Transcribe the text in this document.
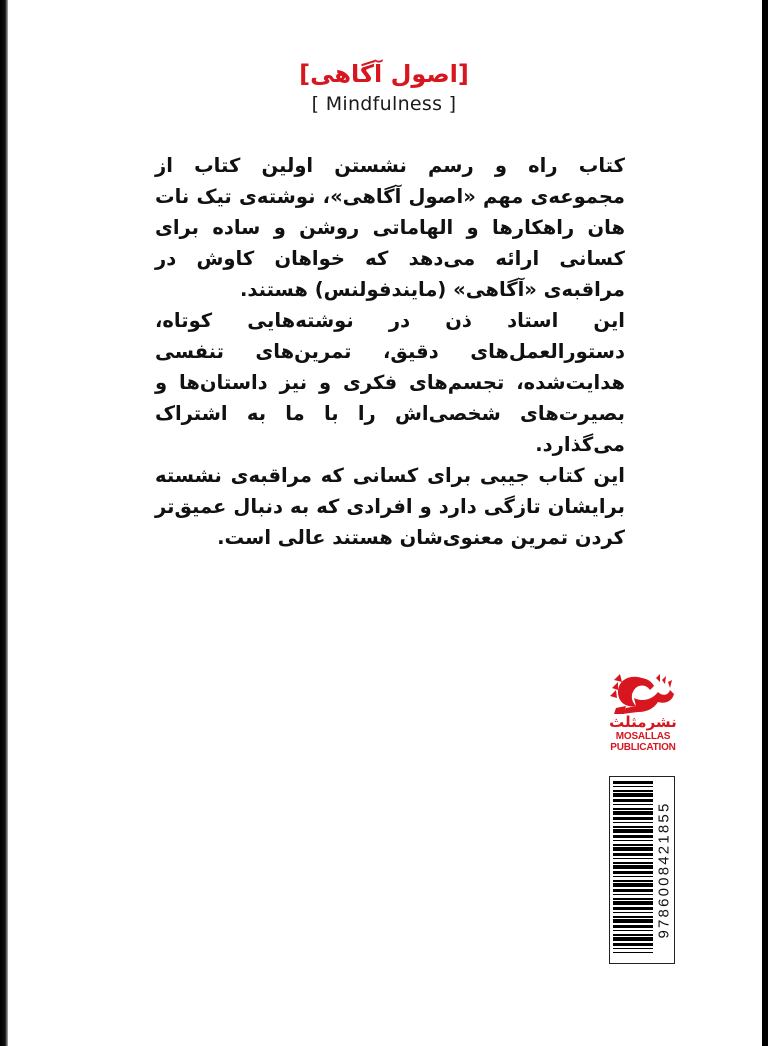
[اصول آگاهی]
[ Mindfulness ]

کتاب راه و رسم نشستن اولین کتاب از مجموعه‌ی مهم «اصول آگاهی»، نوشته‌ی تیک نات هان راهکارها و الهاماتی روشن و ساده برای کسانی ارائه می‌دهد که خواهان کاوش در مراقبه‌ی «آگاهی» (مایندفولنس) هستند.

این استاد ذن در نوشته‌هایی کوتاه، دستورالعمل‌های دقیق، تمرین‌های تنفسی هدایت‌شده، تجسم‌های فکری و نیز داستان‌ها و بصیرت‌های شخصی‌اش را با ما به اشتراک می‌گذارد.

این کتاب جیبی برای کسانی که مراقبه‌ی نشسته برایشان تازگی دارد و افرادی که به دنبال عمیق‌تر کردن تمرین معنوی‌شان هستند عالی است.

نشرمثلث
MOSALLAS
PUBLICATION
9786008421855
